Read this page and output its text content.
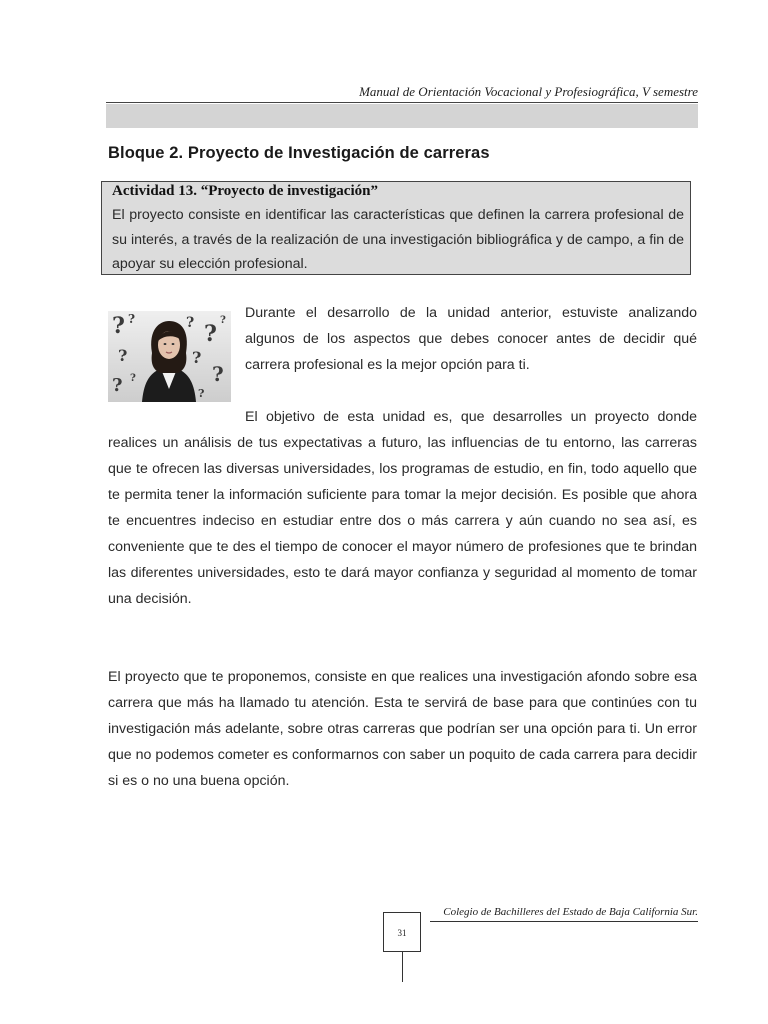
Manual de Orientación Vocacional y Profesiográfica, V semestre
Bloque 2. Proyecto de Investigación de carreras
Actividad 13. “Proyecto de investigación”
El proyecto consiste en identificar las características que definen la carrera profesional de su interés, a través de la realización de una investigación bibliográfica y de campo, a fin de apoyar su elección profesional.
? ?
?
? ?
? ?
?
?
?
? Durante el desarrollo de la unidad anterior, estuviste analizando algunos de los aspectos que debes conocer antes de decidir qué carrera profesional es la mejor opción para ti.
El objetivo de esta unidad es, que desarrolles un proyecto donde realices un análisis de tus expectativas a futuro, las influencias de tu entorno, las carreras que te ofrecen las diversas universidades, los programas de estudio, en fin, todo aquello que te permita tener la información suficiente para tomar la mejor decisión. Es posible que ahora te encuentres indeciso en estudiar entre dos o más carrera y aún cuando no sea así, es conveniente que te des el tiempo de conocer el mayor número de profesiones que te brindan las diferentes universidades, esto te dará mayor confianza y seguridad al momento de tomar una decisión.
El proyecto que te proponemos, consiste en que realices una investigación afondo sobre esa carrera que más ha llamado tu atención. Esta te servirá de base para que continúes con tu investigación más adelante, sobre otras carreras que podrían ser una opción para ti. Un error que no podemos cometer es conformarnos con saber un poquito de cada carrera para decidir si es o no una buena opción.
Colegio de Bachilleres del Estado de Baja California Sur.
31
